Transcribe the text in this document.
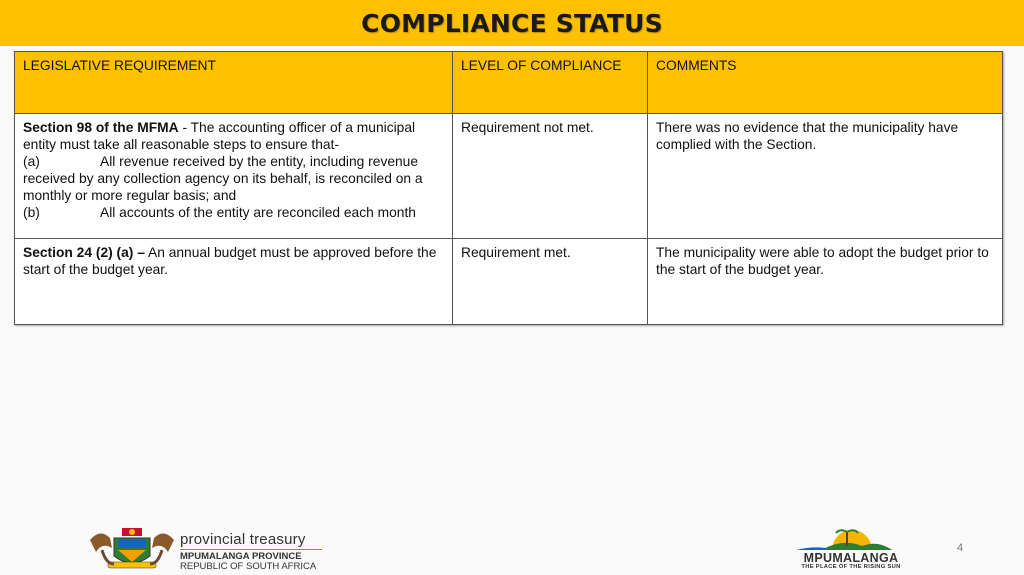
COMPLIANCE STATUS
LEGISLATIVE REQUIREMENT	LEVEL OF COMPLIANCE	COMMENTS
Section 98 of the MFMA - The accounting officer of a municipal entity must take all reasonable steps to ensure that-
(a) All revenue received by the entity, including revenue received by any collection agency on its behalf, is reconciled on a monthly or more regular basis; and
(b) All accounts of the entity are reconciled each month	Requirement not met.	There was no evidence that the municipality have complied with the Section.
Section 24 (2) (a) – An annual budget must be approved before the start of the budget year.	Requirement met.	The municipality were able to adopt the budget prior to the start of the budget year.
provincial treasury
MPUMALANGA PROVINCE
REPUBLIC OF SOUTH AFRICA
MPUMALANGA
THE PLACE OF THE RISING SUN
4
